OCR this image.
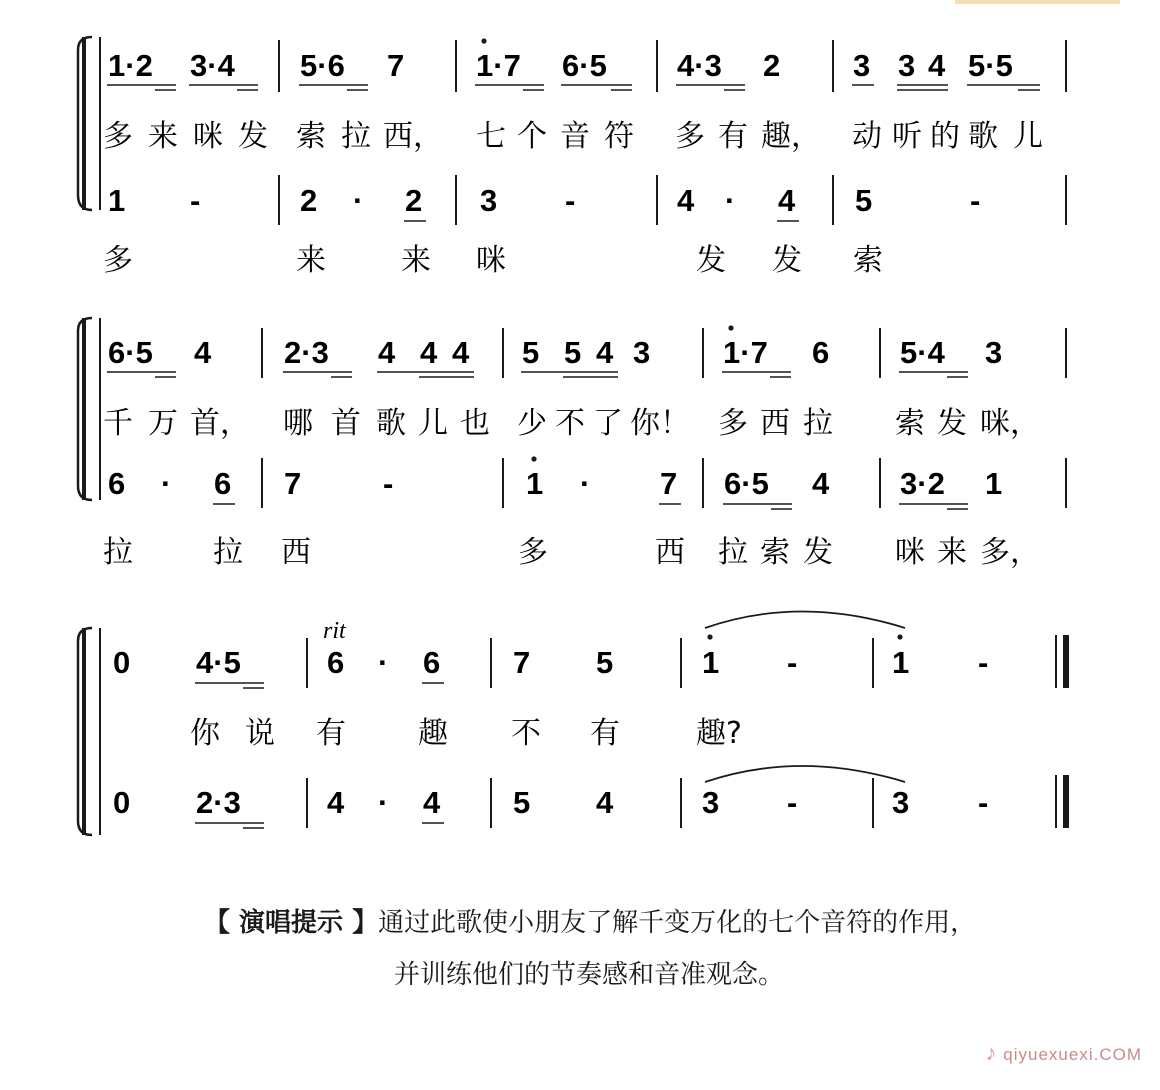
1·2 3·4 5·6 7 1·7 6·5 4·3 2 3 3 4 5·5
多 来 咪 发 索 拉 西， 七 个 音 符 多 有 趣， 动 听 的 歌 儿
1 -	2 · 2 3 -	4 · 4 5	-
多	来	来 咪	发 发 索
6·5 4 2·3 4 4 4 5 5 4 3 1·7 6 5·4 3
千 万 首， 哪 首 歌 儿 也 少 不 了 你！ 多 西 拉 索 发 咪，
6 · 6 7	-	1 · 7 6·5 4 3·2 1
拉	拉 西	多	西 拉 索 发 咪 来 多，
rit
0 4·5	6 · 6 7 5	1 -	1 -
你 说 有 趣 不 有	趣?
0 2·3	4 · 4 5 4	3 -	3 -
【 演唱提示 】通过此歌使小朋友了解千变万化的七个音符的作用，
并训练他们的节奏感和音准观念。
♪ qiyuexuexi.COM
